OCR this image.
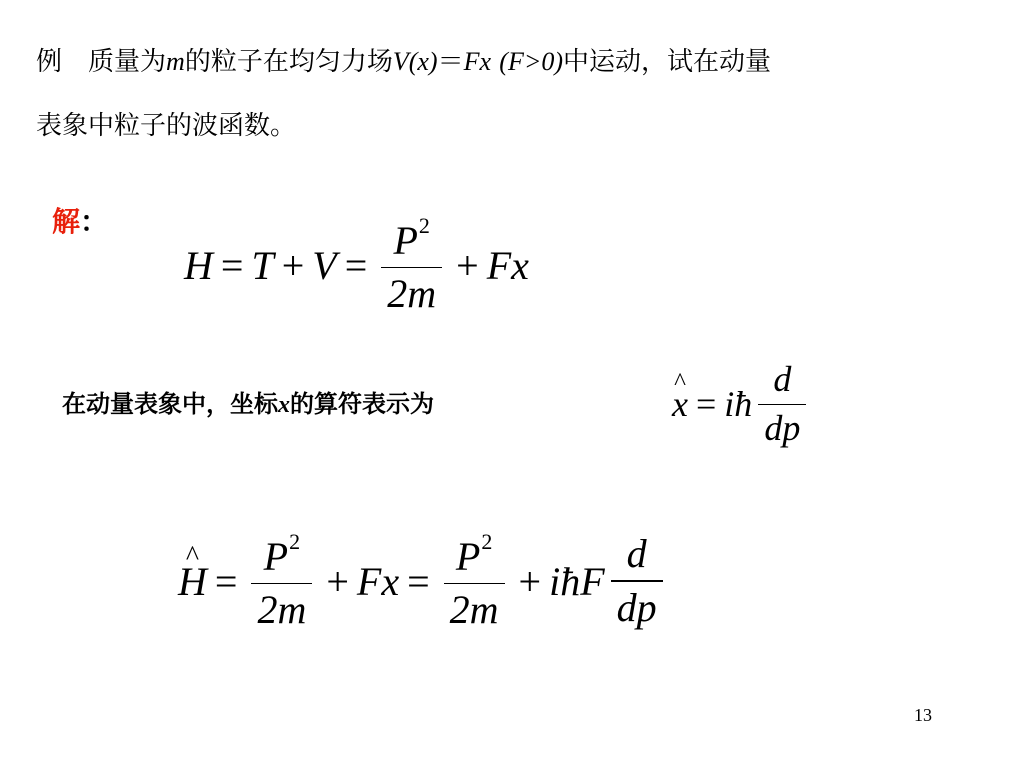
例 质量为m的粒子在均匀力场V(x)＝Fx (F>0)中运动，试在动量
表象中粒子的波函数。
解：
$H = T + V = \frac{P^2}{2m} + Fx$
在动量表象中，坐标x的算符表示为
^	x = iħ $\frac{d}{dp}$
^ $H = \frac{P^2}{2m} + Fx = \frac{P^2}{2m}$ + iħF $\frac{d}{dp}$
13
